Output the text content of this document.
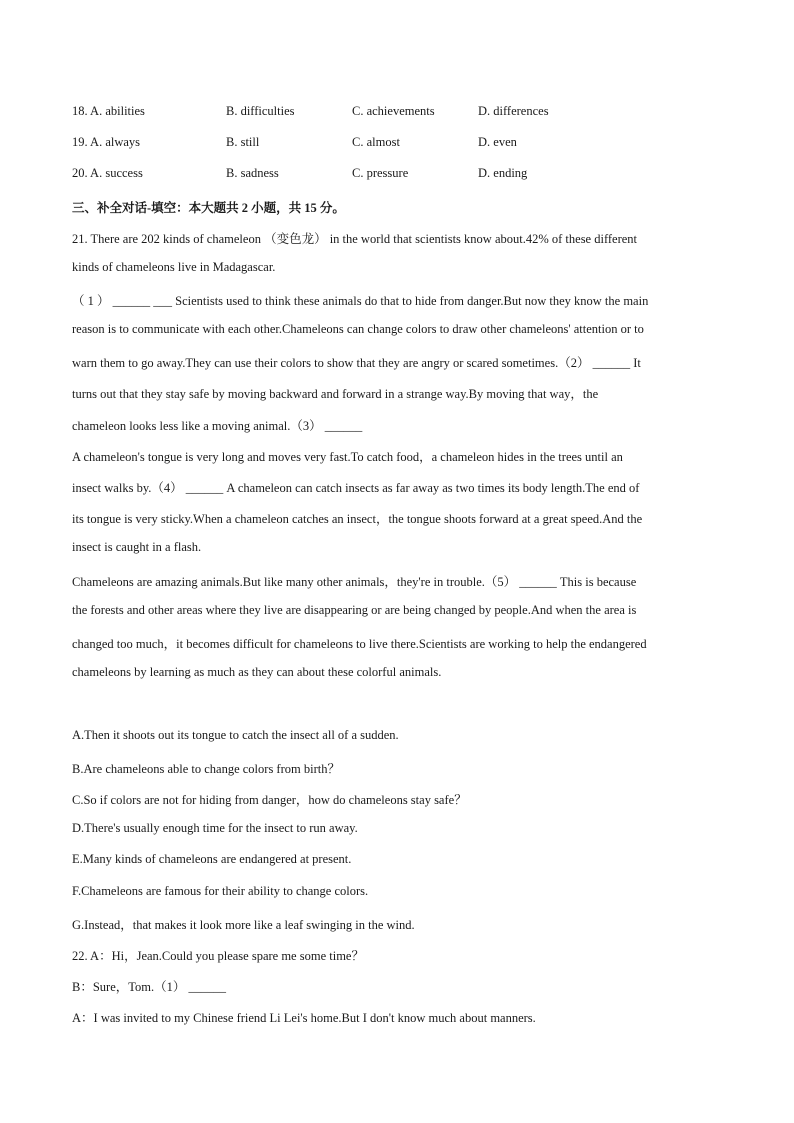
18. A. abilities	B. difficulties	C. achievements	D. differences
19. A. always	B. still	C. almost	D. even
20. A. success	B. sadness	C. pressure	D. ending
三、补全对话-填空：本大题共 2 小题，共 15 分。
21. There are 202 kinds of chameleon （变色龙） in the world that scientists know about.42% of these different
kinds of chameleons live in Madagascar.
（ 1 ） ______ ___ Scientists used to think these animals do that to hide from danger.But now they know the main
reason is to communicate with each other.Chameleons can change colors to draw other chameleons' attention or to
warn them to go away.They can use their colors to show that they are angry or scared sometimes.（2） ______ It
turns out that they stay safe by moving backward and forward in a strange way.By moving that way，the
chameleon looks less like a moving animal.（3） ______
A chameleon's tongue is very long and moves very fast.To catch food，a chameleon hides in the trees until an
insect walks by.（4） ______ A chameleon can catch insects as far away as two times its body length.The end of
its tongue is very sticky.When a chameleon catches an insect，the tongue shoots forward at a great speed.And the
insect is caught in a flash.
Chameleons are amazing animals.But like many other animals，they're in trouble.（5） ______ This is because
the forests and other areas where they live are disappearing or are being changed by people.And when the area is
changed too much，it becomes difficult for chameleons to live there.Scientists are working to help the endangered
chameleons by learning as much as they can about these colorful animals.
A.Then it shoots out its tongue to catch the insect all of a sudden.
B.Are chameleons able to change colors from birth？
C.So if colors are not for hiding from danger，how do chameleons stay safe？
D.There's usually enough time for the insect to run away.
E.Many kinds of chameleons are endangered at present.
F.Chameleons are famous for their ability to change colors.
G.Instead，that makes it look more like a leaf swinging in the wind.
22. A：Hi，Jean.Could you please spare me some time？
B：Sure，Tom.（1） ______
A：I was invited to my Chinese friend Li Lei's home.But I don't know much about manners.
